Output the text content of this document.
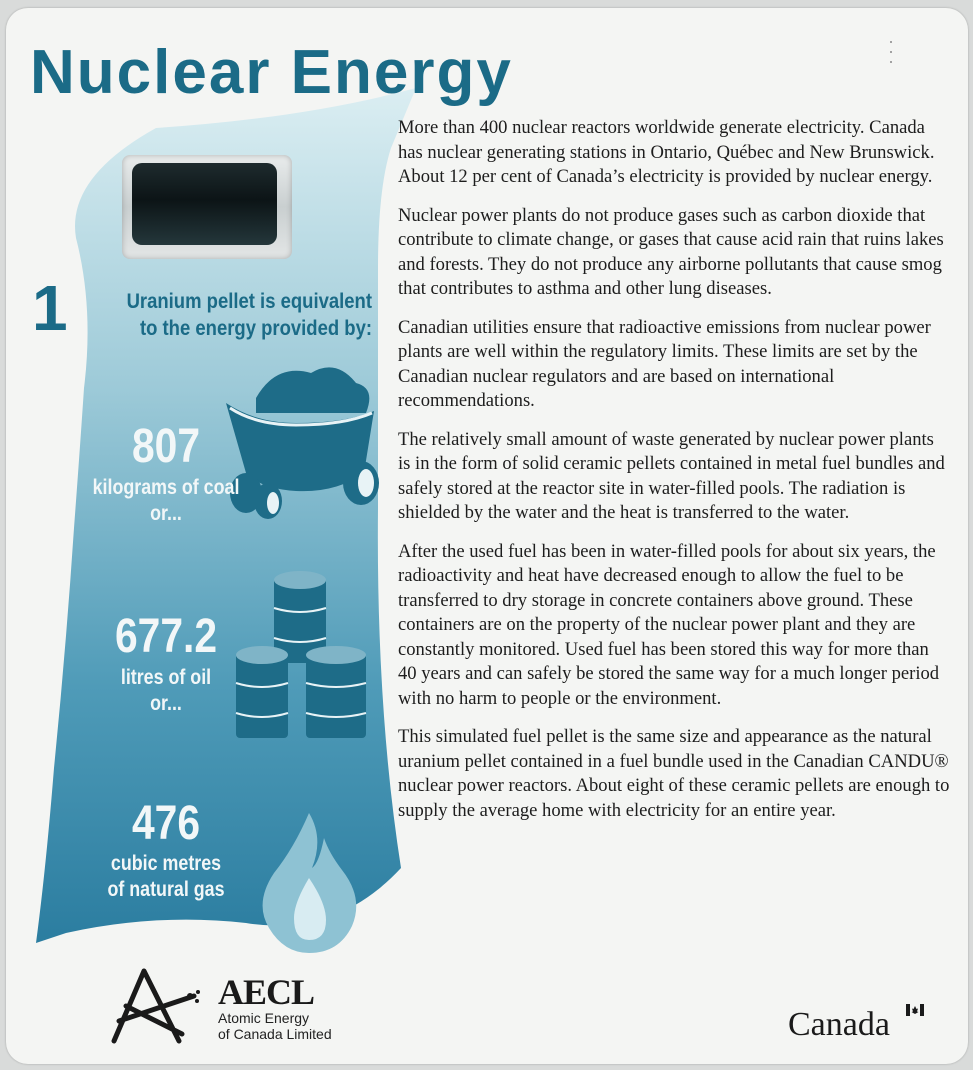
Nuclear Energy
1	Uranium pellet is equivalent to the energy provided by:
807
kilograms of coal
or...
677.2
litres of oil
or...
476
cubic metres
of natural gas

More than 400 nuclear reactors worldwide generate electricity. Canada has nuclear generating stations in Ontario, Québec and New Brunswick. About 12 per cent of Canada’s electricity is provided by nuclear energy.

Nuclear power plants do not produce gases such as carbon dioxide that contribute to climate change, or gases that cause acid rain that ruins lakes and forests. They do not produce any airborne pollutants that cause smog that contributes to asthma and other lung diseases.

Canadian utilities ensure that radioactive emissions from nuclear power plants are well within the regulatory limits. These limits are set by the Canadian nuclear regulators and are based on international recommendations.

The relatively small amount of waste generated by nuclear power plants is in the form of solid ceramic pellets contained in metal fuel bundles and safely stored at the reactor site in water-filled pools. The radiation is shielded by the water and the heat is transferred to the water.

After the used fuel has been in water-filled pools for about six years, the radioactivity and heat have decreased enough to allow the fuel to be transferred to dry storage in concrete containers above ground. These containers are on the property of the nuclear power plant and they are constantly monitored. Used fuel has been stored this way for more than 40 years and can safely be stored the same way for a much longer period with no harm to people or the environment.

This simulated fuel pellet is the same size and appearance as the natural uranium pellet contained in a fuel bundle used in the Canadian CANDU® nuclear power reactors. About eight of these ceramic pellets are enough to supply the average home with electricity for an entire year.

AECL
Atomic Energy
of Canada Limited	Canada
